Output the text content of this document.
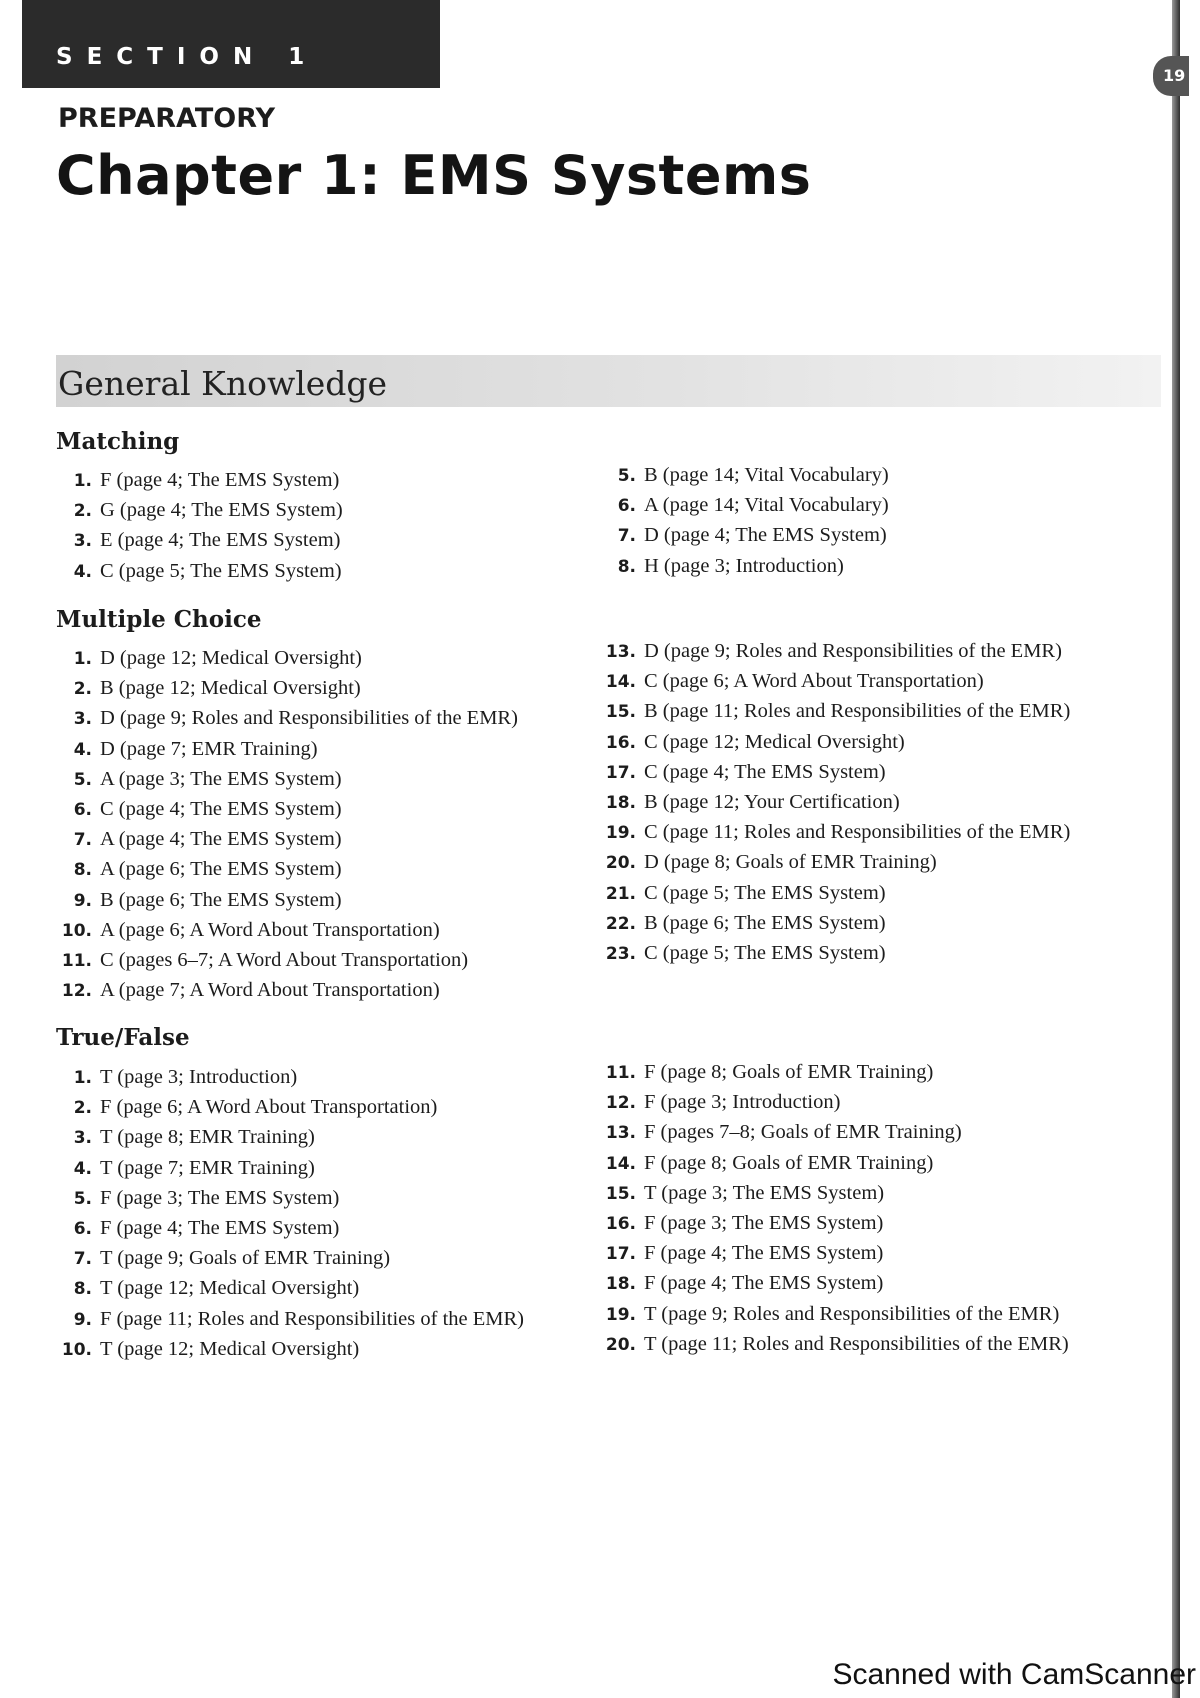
SECTION 1
19
PREPARATORY
Chapter 1: EMS Systems
General Knowledge
Matching
1. F (page 4; The EMS System)
2. G (page 4; The EMS System)
3. E (page 4; The EMS System)
4. C (page 5; The EMS System)
5. B (page 14; Vital Vocabulary)
6. A (page 14; Vital Vocabulary)
7. D (page 4; The EMS System)
8. H (page 3; Introduction)
Multiple Choice
1. D (page 12; Medical Oversight)
2. B (page 12; Medical Oversight)
3. D (page 9; Roles and Responsibilities of the EMR)
4. D (page 7; EMR Training)
5. A (page 3; The EMS System)
6. C (page 4; The EMS System)
7. A (page 4; The EMS System)
8. A (page 6; The EMS System)
9. B (page 6; The EMS System)
10. A (page 6; A Word About Transportation)
11. C (pages 6–7; A Word About Transportation)
12. A (page 7; A Word About Transportation)
13. D (page 9; Roles and Responsibilities of the EMR)
14. C (page 6; A Word About Transportation)
15. B (page 11; Roles and Responsibilities of the EMR)
16. C (page 12; Medical Oversight)
17. C (page 4; The EMS System)
18. B (page 12; Your Certification)
19. C (page 11; Roles and Responsibilities of the EMR)
20. D (page 8; Goals of EMR Training)
21. C (page 5; The EMS System)
22. B (page 6; The EMS System)
23. C (page 5; The EMS System)
True/False
1. T (page 3; Introduction)
2. F (page 6; A Word About Transportation)
3. T (page 8; EMR Training)
4. T (page 7; EMR Training)
5. F (page 3; The EMS System)
6. F (page 4; The EMS System)
7. T (page 9; Goals of EMR Training)
8. T (page 12; Medical Oversight)
9. F (page 11; Roles and Responsibilities of the EMR)
10. T (page 12; Medical Oversight)
11. F (page 8; Goals of EMR Training)
12. F (page 3; Introduction)
13. F (pages 7–8; Goals of EMR Training)
14. F (page 8; Goals of EMR Training)
15. T (page 3; The EMS System)
16. F (page 3; The EMS System)
17. F (page 4; The EMS System)
18. F (page 4; The EMS System)
19. T (page 9; Roles and Responsibilities of the EMR)
20. T (page 11; Roles and Responsibilities of the EMR)
Scanned with CamScanner
